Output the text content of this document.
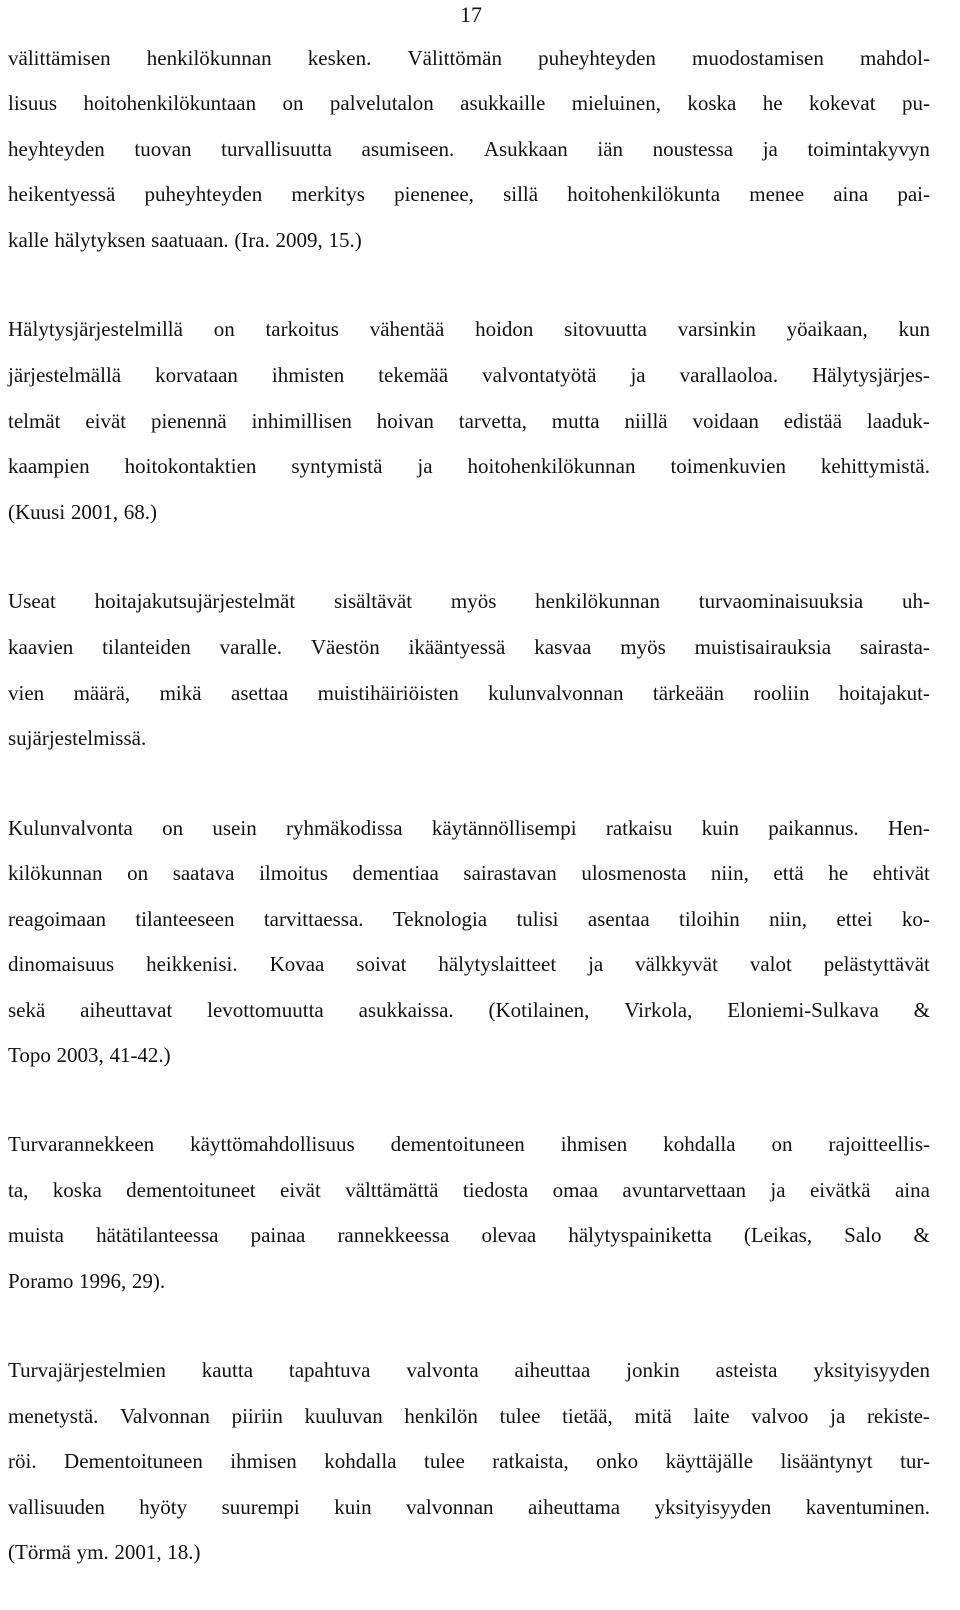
17
välittämisen henkilökunnan kesken. Välittömän puheyhteyden muodostamisen mahdol-
lisuus hoitohenkilökuntaan on palvelutalon asukkaille mieluinen, koska he kokevat pu-
heyhteyden tuovan turvallisuutta asumiseen. Asukkaan iän noustessa ja toimintakyvyn
heikentyessä puheyhteyden merkitys pienenee, sillä hoitohenkilökunta menee aina pai-
kalle hälytyksen saatuaan. (Ira. 2009, 15.)
Hälytysjärjestelmillä on tarkoitus vähentää hoidon sitovuutta varsinkin yöaikaan, kun
järjestelmällä korvataan ihmisten tekemää valvontatyötä ja varallaoloa. Hälytysjärjes-
telmät eivät pienennä inhimillisen hoivan tarvetta, mutta niillä voidaan edistää laaduk-
kaampien hoitokontaktien syntymistä ja hoitohenkilökunnan toimenkuvien kehittymistä.
(Kuusi 2001, 68.)
Useat hoitajakutsujärjestelmät sisältävät myös henkilökunnan turvaominaisuuksia uh-
kaavien tilanteiden varalle. Väestön ikääntyessä kasvaa myös muistisairauksia sairasta-
vien määrä, mikä asettaa muistihäiriöisten kulunvalvonnan tärkeään rooliin hoitajakut-
sujärjestelmissä.
Kulunvalvonta on usein ryhmäkodissa käytännöllisempi ratkaisu kuin paikannus. Hen-
kilökunnan on saatava ilmoitus dementiaa sairastavan ulosmenosta niin, että he ehtivät
reagoimaan tilanteeseen tarvittaessa. Teknologia tulisi asentaa tiloihin niin, ettei ko-
dinomaisuus heikkenisi. Kovaa soivat hälytyslaitteet ja välkkyvät valot pelästyttävät
sekä aiheuttavat levottomuutta asukkaissa. (Kotilainen, Virkola, Eloniemi-Sulkava &
Topo 2003, 41-42.)
Turvarannekkeen käyttömahdollisuus dementoituneen ihmisen kohdalla on rajoitteellis-
ta, koska dementoituneet eivät välttämättä tiedosta omaa avuntarvettaan ja eivätkä aina
muista hätätilanteessa painaa rannekkeessa olevaa hälytyspainiketta (Leikas, Salo &
Poramo 1996, 29).
Turvajärjestelmien kautta tapahtuva valvonta aiheuttaa jonkin asteista yksityisyyden
menetystä. Valvonnan piiriin kuuluvan henkilön tulee tietää, mitä laite valvoo ja rekiste-
röi. Dementoituneen ihmisen kohdalla tulee ratkaista, onko käyttäjälle lisääntynyt tur-
vallisuuden hyöty suurempi kuin valvonnan aiheuttama yksityisyyden kaventuminen.
(Törmä ym. 2001, 18.)
